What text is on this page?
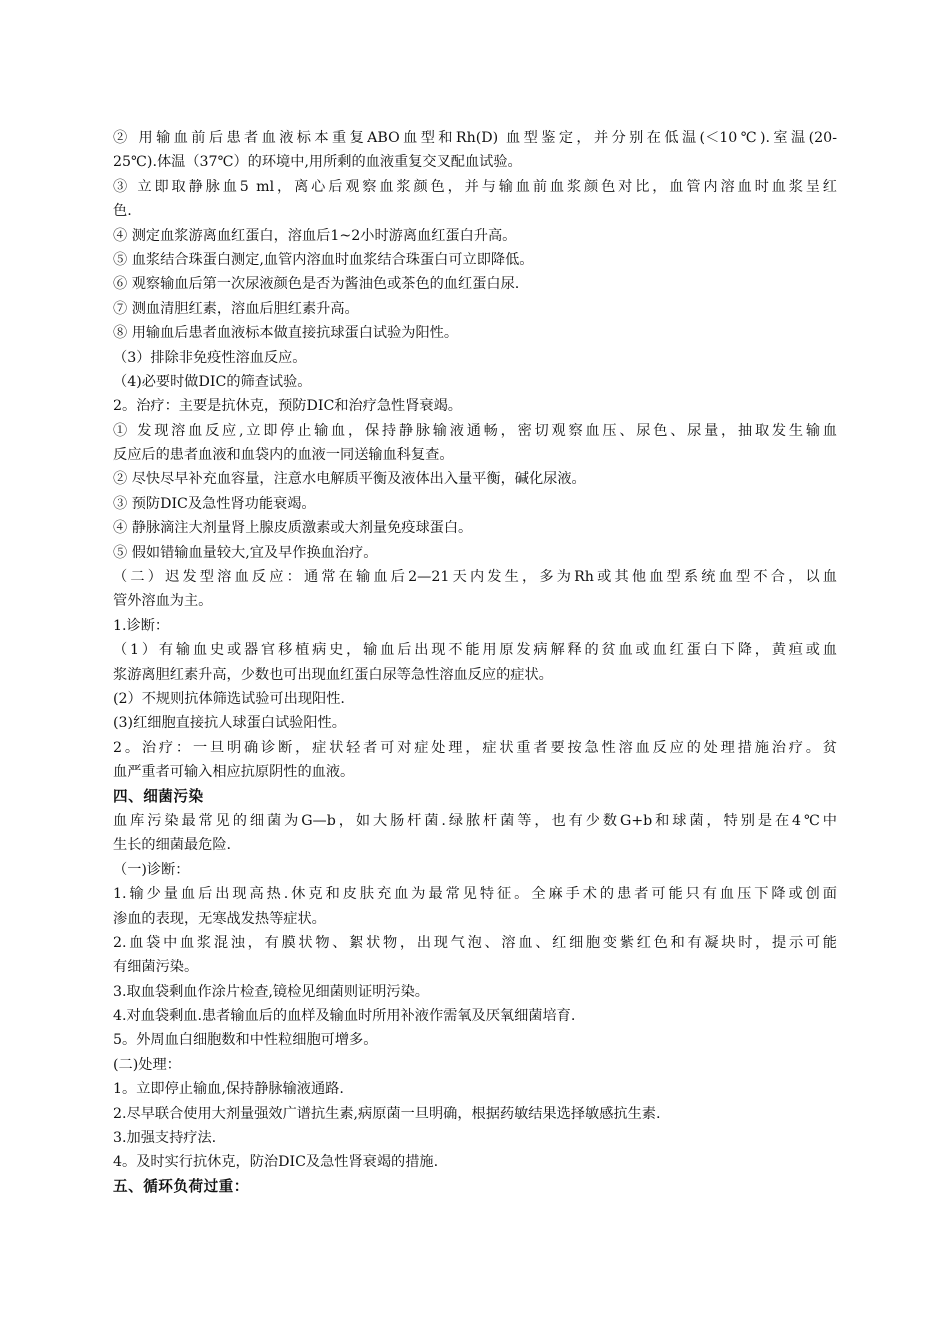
② 用输血前后患者血液标本重复ABO血型和Rh(D) 血型鉴定，并分别在低温(＜10℃).室温(20-
25℃).体温（37℃）的环境中,用所剩的血液重复交叉配血试验。
③ 立即取静脉血5 ml，离心后观察血浆颜色，并与输血前血浆颜色对比，血管内溶血时血浆呈红
色.
④ 测定血浆游离血红蛋白，溶血后1~2小时游离血红蛋白升高。
⑤ 血浆结合珠蛋白测定,血管内溶血时血浆结合珠蛋白可立即降低。
⑥ 观察输血后第一次尿液颜色是否为酱油色或茶色的血红蛋白尿.
⑦ 测血清胆红素，溶血后胆红素升高。
⑧ 用输血后患者血液标本做直接抗球蛋白试验为阳性。
（3）排除非免疫性溶血反应。
（4)必要时做DIC的筛查试验。
2。治疗：主要是抗休克，预防DIC和治疗急性肾衰竭。
① 发现溶血反应,立即停止输血，保持静脉输液通畅，密切观察血压、尿色、尿量，抽取发生输血
反应后的患者血液和血袋内的血液一同送输血科复查。
② 尽快尽早补充血容量，注意水电解质平衡及液体出入量平衡，碱化尿液。
③ 预防DIC及急性肾功能衰竭。
④ 静脉滴注大剂量肾上腺皮质激素或大剂量免疫球蛋白。
⑤ 假如错输血量较大,宜及早作换血治疗。
（二）迟发型溶血反应：通常在输血后2—21天内发生，多为Rh或其他血型系统血型不合，以血
管外溶血为主。
1.诊断：
（1）有输血史或器官移植病史，输血后出现不能用原发病解释的贫血或血红蛋白下降，黄疸或血
浆游离胆红素升高，少数也可出现血红蛋白尿等急性溶血反应的症状。
(2）不规则抗体筛选试验可出现阳性.
(3)红细胞直接抗人球蛋白试验阳性。
2。治疗：一旦明确诊断，症状轻者可对症处理，症状重者要按急性溶血反应的处理措施治疗。贫
血严重者可输入相应抗原阴性的血液。
四、细菌污染
血库污染最常见的细菌为G—b，如大肠杆菌.绿脓杆菌等，也有少数G+b和球菌，特别是在4℃中
生长的细菌最危险.
（一)诊断：
1.输少量血后出现高热.休克和皮肤充血为最常见特征。全麻手术的患者可能只有血压下降或创面
渗血的表现，无寒战发热等症状。
2.血袋中血浆混浊，有膜状物、絮状物，出现气泡、溶血、红细胞变紫红色和有凝块时，提示可能
有细菌污染。
3.取血袋剩血作涂片检查,镜检见细菌则证明污染。
4.对血袋剩血.患者输血后的血样及输血时所用补液作需氧及厌氧细菌培育.
5。外周血白细胞数和中性粒细胞可增多。
(二)处理：
1。立即停止输血,保持静脉输液通路.
2.尽早联合使用大剂量强效广谱抗生素,病原菌一旦明确，根据药敏结果选择敏感抗生素.
3.加强支持疗法.
4。及时实行抗休克，防治DIC及急性肾衰竭的措施.
五、循环负荷过重：
